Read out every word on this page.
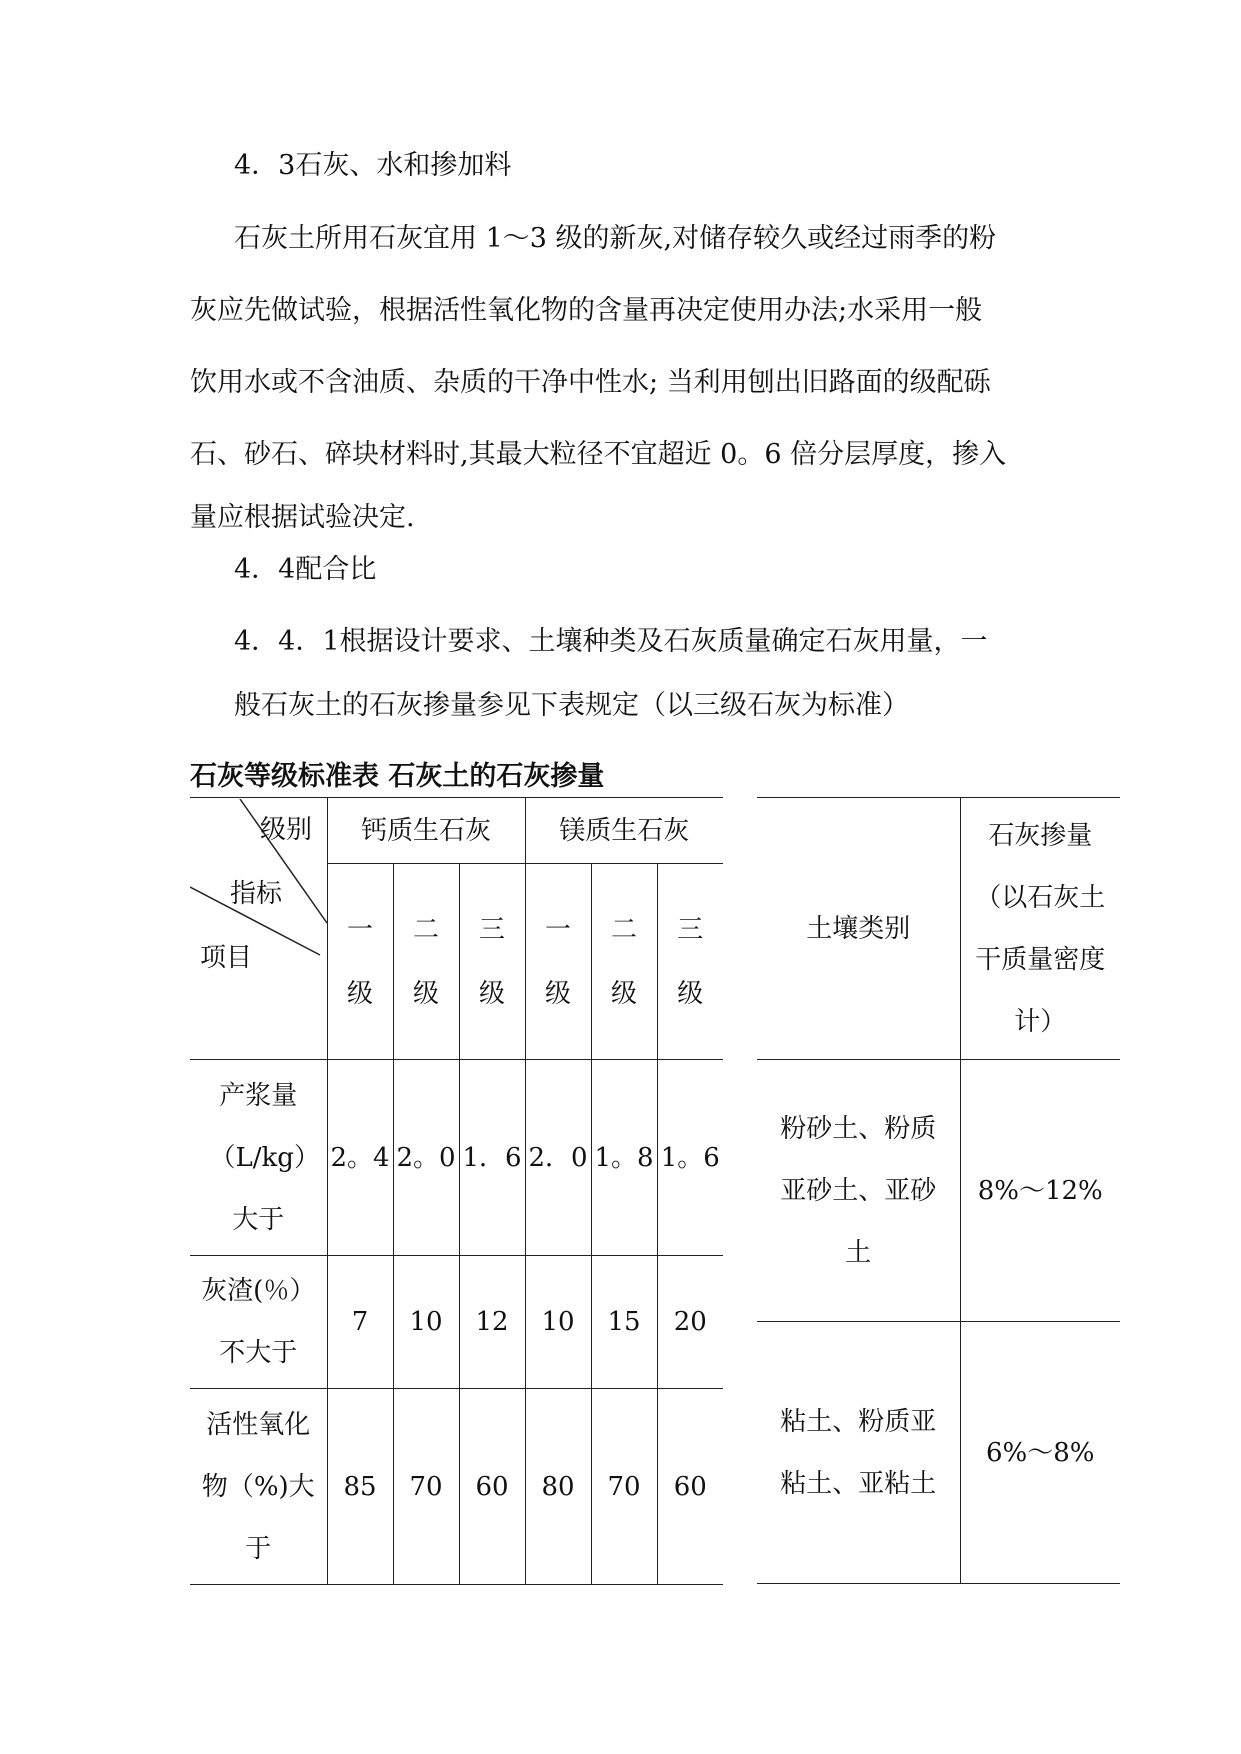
4．3石灰、水和掺加料
石灰土所用石灰宜用 1～3 级的新灰,对储存较久或经过雨季的粉
灰应先做试验，根据活性氧化物的含量再决定使用办法;水采用一般
饮用水或不含油质、杂质的干净中性水; 当利用刨出旧路面的级配砾
石、砂石、碎块材料时,其最大粒径不宜超近 0。6 倍分层厚度，掺入
量应根据试验决定.
4．4配合比
4．4．1根据设计要求、土壤种类及石灰质量确定石灰用量，一
般石灰土的石灰掺量参见下表规定（以三级石灰为标准）
石灰等级标准表 石灰土的石灰掺量
级别
指标
项目	钙质生石灰			镁质生石灰		
	一级	二级	三级	一级	二级	三级

产浆量（L/kg）大于	2。4	2。0	1．6	2．0	1。8	1。6

灰渣(％）不大于	7	10	12	10	15	20

活性氧化物（%)大于	85	70	60	80	70	60
土壤类别	石灰掺量（以石灰土干质量密度计）

粉砂土、粉质亚砂土、亚砂土	8%～12%

粘土、粉质亚粘土、亚粘土	6%～8%
